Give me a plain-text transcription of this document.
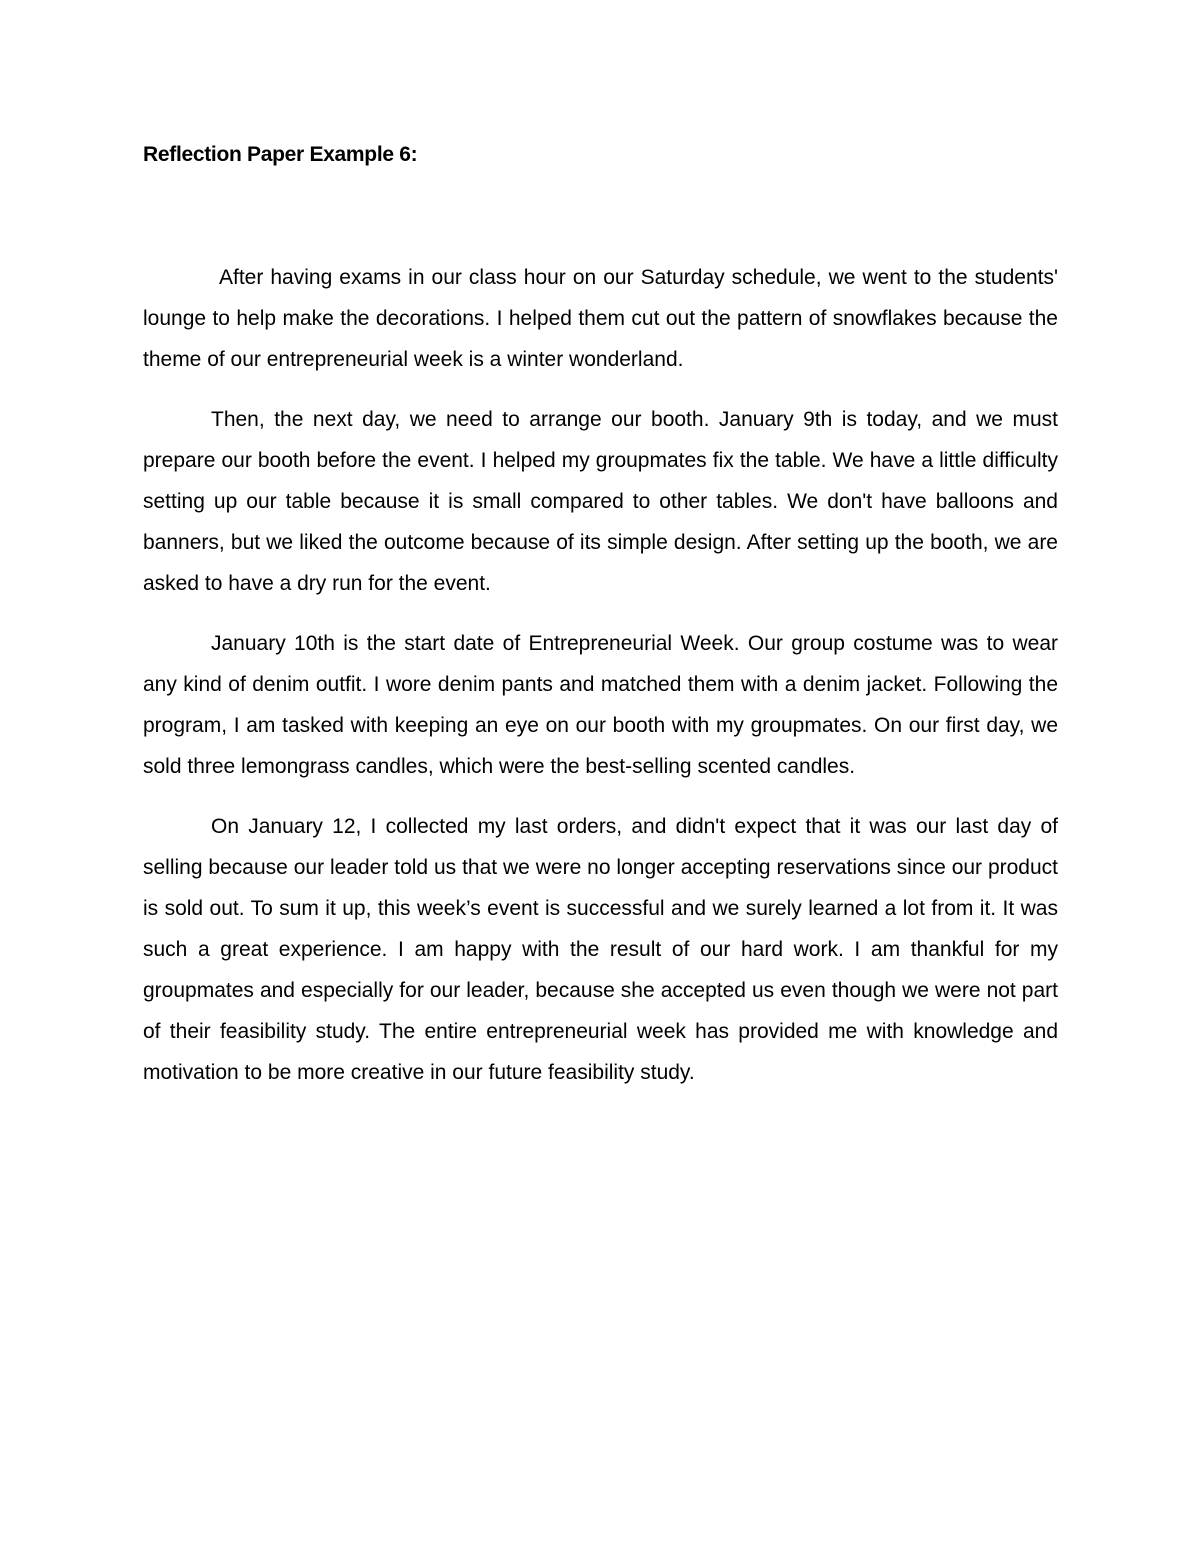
Reflection Paper Example 6:

After having exams in our class hour on our Saturday schedule, we went to the students' lounge to help make the decorations. I helped them cut out the pattern of snowflakes because the theme of our entrepreneurial week is a winter wonderland.

Then, the next day, we need to arrange our booth. January 9th is today, and we must prepare our booth before the event. I helped my groupmates fix the table. We have a little difficulty setting up our table because it is small compared to other tables. We don't have balloons and banners, but we liked the outcome because of its simple design. After setting up the booth, we are asked to have a dry run for the event.

January 10th is the start date of Entrepreneurial Week. Our group costume was to wear any kind of denim outfit. I wore denim pants and matched them with a denim jacket. Following the program, I am tasked with keeping an eye on our booth with my groupmates. On our first day, we sold three lemongrass candles, which were the best-selling scented candles.

On January 12, I collected my last orders, and didn't expect that it was our last day of selling because our leader told us that we were no longer accepting reservations since our product is sold out. To sum it up, this week’s event is successful and we surely learned a lot from it. It was such a great experience. I am happy with the result of our hard work. I am thankful for my groupmates and especially for our leader, because she accepted us even though we were not part of their feasibility study. The entire entrepreneurial week has provided me with knowledge and motivation to be more creative in our future feasibility study.
